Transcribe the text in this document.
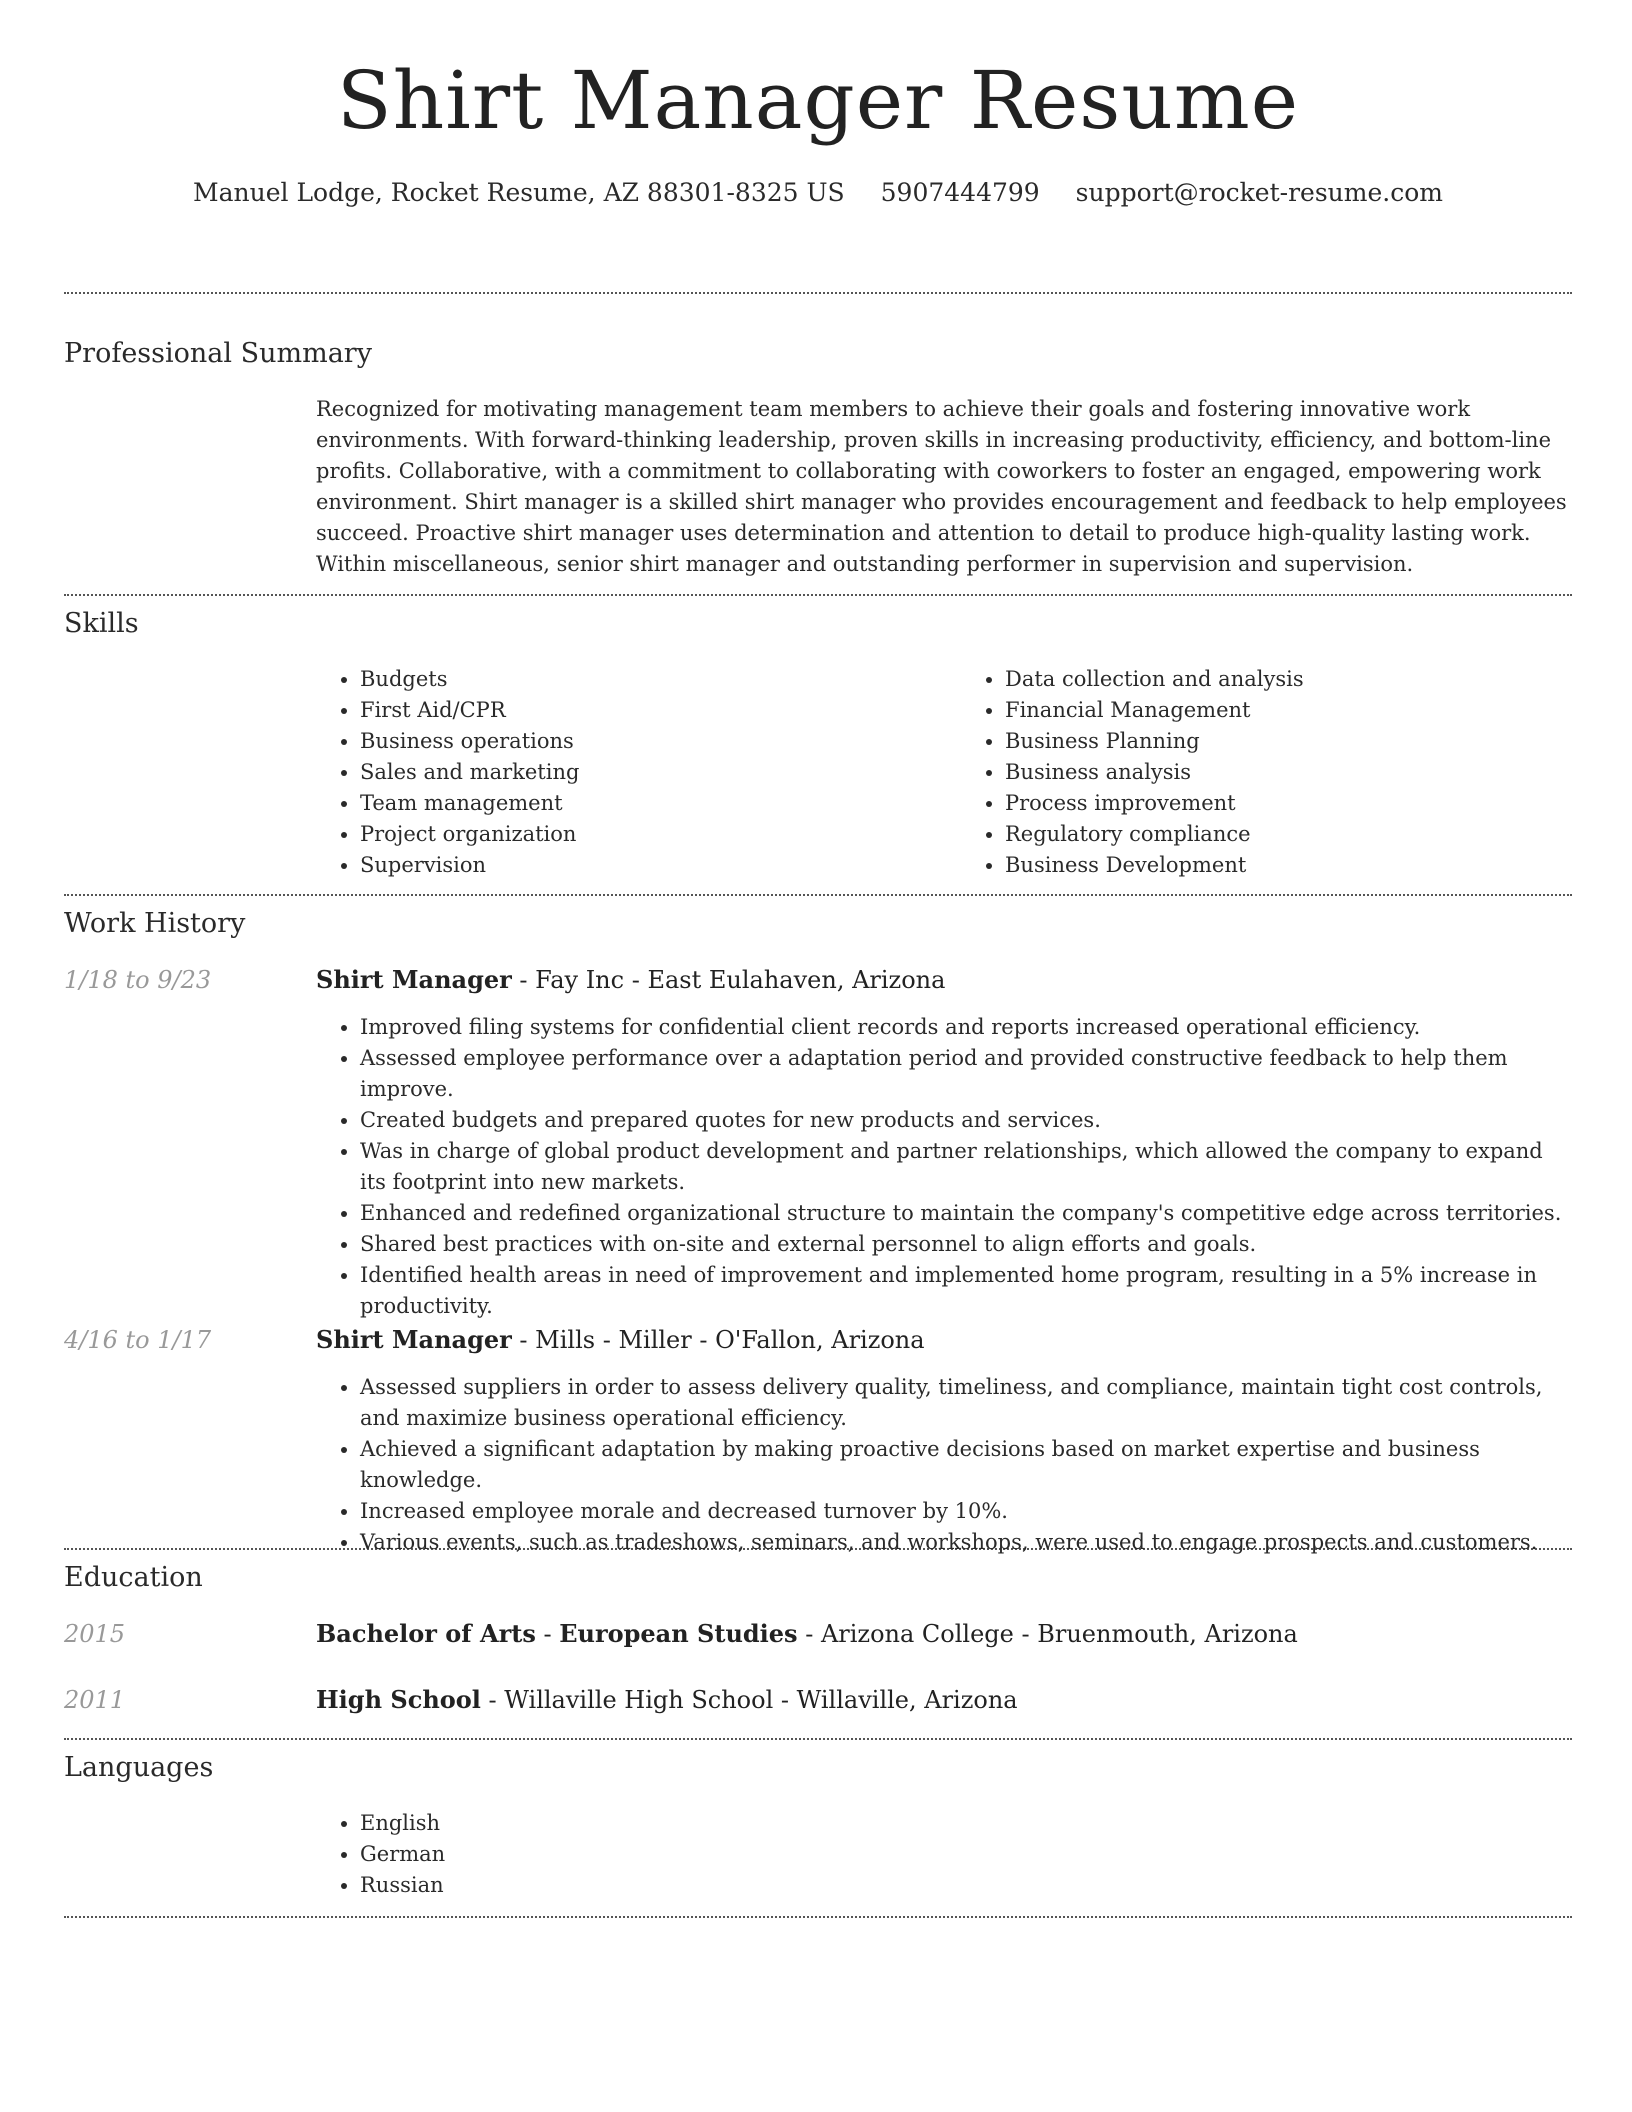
Shirt Manager Resume
Manuel Lodge, Rocket Resume, AZ 88301-8325 US 5907444799 support@rocket-resume.com
Professional Summary
Recognized for motivating management team members to achieve their goals and fostering innovative work environments. With forward-thinking leadership, proven skills in increasing productivity, efficiency, and bottom-line profits. Collaborative, with a commitment to collaborating with coworkers to foster an engaged, empowering work environment. Shirt manager is a skilled shirt manager who provides encouragement and feedback to help employees succeed. Proactive shirt manager uses determination and attention to detail to produce high-quality lasting work. Within miscellaneous, senior shirt manager and outstanding performer in supervision and supervision.
Skills
• Budgets
• First Aid/CPR
• Business operations
• Sales and marketing
• Team management
• Project organization
• Supervision
• Data collection and analysis
• Financial Management
• Business Planning
• Business analysis
• Process improvement
• Regulatory compliance
• Business Development
Work History
1/18 to 9/23	Shirt Manager - Fay Inc - East Eulahaven, Arizona
• Improved filing systems for confidential client records and reports increased operational efficiency.
• Assessed employee performance over a adaptation period and provided constructive feedback to help them improve.
• Created budgets and prepared quotes for new products and services.
• Was in charge of global product development and partner relationships, which allowed the company to expand its footprint into new markets.
• Enhanced and redefined organizational structure to maintain the company's competitive edge across territories.
• Shared best practices with on-site and external personnel to align efforts and goals.
• Identified health areas in need of improvement and implemented home program, resulting in a 5% increase in productivity.
4/16 to 1/17	Shirt Manager - Mills - Miller - O'Fallon, Arizona
• Assessed suppliers in order to assess delivery quality, timeliness, and compliance, maintain tight cost controls, and maximize business operational efficiency.
• Achieved a significant adaptation by making proactive decisions based on market expertise and business knowledge.
• Increased employee morale and decreased turnover by 10%.
• Various events, such as tradeshows, seminars, and workshops, were used to engage prospects and customers.
Education
2015	Bachelor of Arts - European Studies - Arizona College - Bruenmouth, Arizona
2011	High School - Willaville High School - Willaville, Arizona
Languages
• English
• German
• Russian
